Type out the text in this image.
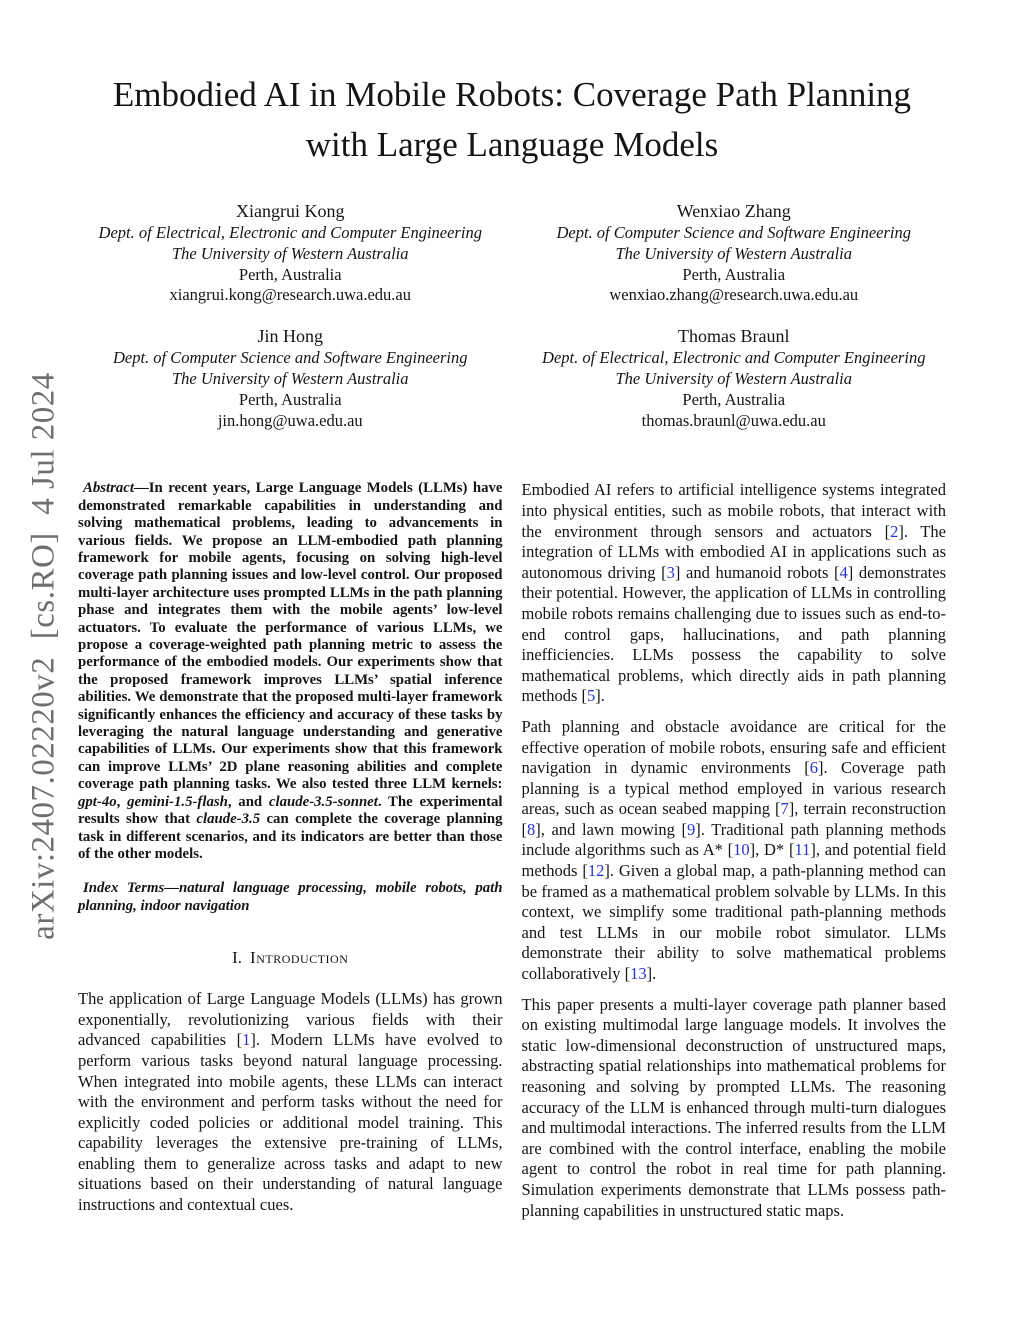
arXiv:2407.02220v2  [cs.RO]  4 Jul 2024
Embodied AI in Mobile Robots: Coverage Path Planning with Large Language Models
Xiangrui Kong
Dept. of Electrical, Electronic and Computer Engineering
The University of Western Australia
Perth, Australia
xiangrui.kong@research.uwa.edu.au
Wenxiao Zhang
Dept. of Computer Science and Software Engineering
The University of Western Australia
Perth, Australia
wenxiao.zhang@research.uwa.edu.au
Jin Hong
Dept. of Computer Science and Software Engineering
The University of Western Australia
Perth, Australia
jin.hong@uwa.edu.au
Thomas Braunl
Dept. of Electrical, Electronic and Computer Engineering
The University of Western Australia
Perth, Australia
thomas.braunl@uwa.edu.au

Abstract—In recent years, Large Language Models (LLMs) have demonstrated remarkable capabilities in understanding and solving mathematical problems, leading to advancements in various fields. We propose an LLM-embodied path planning framework for mobile agents, focusing on solving high-level coverage path planning issues and low-level control. Our proposed multi-layer architecture uses prompted LLMs in the path planning phase and integrates them with the mobile agents’ low-level actuators. To evaluate the performance of various LLMs, we propose a coverage-weighted path planning metric to assess the performance of the embodied models. Our experiments show that the proposed framework improves LLMs’ spatial inference abilities. We demonstrate that the proposed multi-layer framework significantly enhances the efficiency and accuracy of these tasks by leveraging the natural language understanding and generative capabilities of LLMs. Our experiments show that this framework can improve LLMs’ 2D plane reasoning abilities and complete coverage path planning tasks. We also tested three LLM kernels: gpt-4o, gemini-1.5-flash, and claude-3.5-sonnet. The experimental results show that claude-3.5 can complete the coverage planning task in different scenarios, and its indicators are better than those of the other models.

Index Terms—natural language processing, mobile robots, path planning, indoor navigation

I. Introduction

The application of Large Language Models (LLMs) has grown exponentially, revolutionizing various fields with their advanced capabilities [1]. Modern LLMs have evolved to perform various tasks beyond natural language processing. When integrated into mobile agents, these LLMs can interact with the environment and perform tasks without the need for explicitly coded policies or additional model training. This capability leverages the extensive pre-training of LLMs, enabling them to generalize across tasks and adapt to new situations based on their understanding of natural language instructions and contextual cues.

Embodied AI refers to artificial intelligence systems integrated into physical entities, such as mobile robots, that interact with the environment through sensors and actuators [2]. The integration of LLMs with embodied AI in applications such as autonomous driving [3] and humanoid robots [4] demonstrates their potential. However, the application of LLMs in controlling mobile robots remains challenging due to issues such as end-to-end control gaps, hallucinations, and path planning inefficiencies. LLMs possess the capability to solve mathematical problems, which directly aids in path planning methods [5].

Path planning and obstacle avoidance are critical for the effective operation of mobile robots, ensuring safe and efficient navigation in dynamic environments [6]. Coverage path planning is a typical method employed in various research areas, such as ocean seabed mapping [7], terrain reconstruction [8], and lawn mowing [9]. Traditional path planning methods include algorithms such as A* [10], D* [11], and potential field methods [12]. Given a global map, a path-planning method can be framed as a mathematical problem solvable by LLMs. In this context, we simplify some traditional path-planning methods and test LLMs in our mobile robot simulator. LLMs demonstrate their ability to solve mathematical problems collaboratively [13].

This paper presents a multi-layer coverage path planner based on existing multimodal large language models. It involves the static low-dimensional deconstruction of unstructured maps, abstracting spatial relationships into mathematical problems for reasoning and solving by prompted LLMs. The reasoning accuracy of the LLM is enhanced through multi-turn dialogues and multimodal interactions. The inferred results from the LLM are combined with the control interface, enabling the mobile agent to control the robot in real time for path planning. Simulation experiments demonstrate that LLMs possess path-planning capabilities in unstructured static maps.
